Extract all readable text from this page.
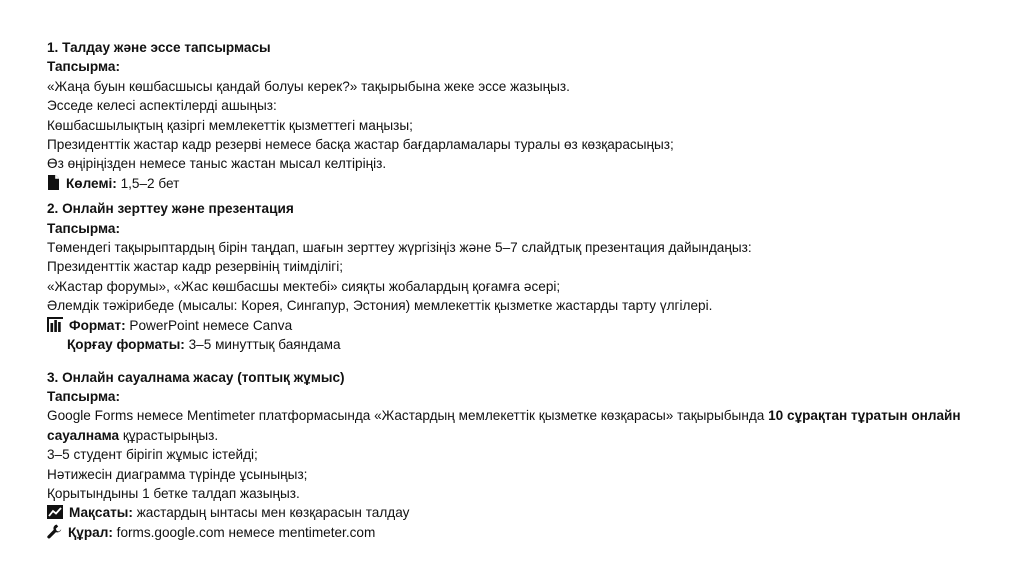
1. Талдау және эссе тапсырмасы

Тапсырма:

«Жаңа буын көшбасшысы қандай болуы керек?» тақырыбына жеке эссе жазыңыз.

Эсседе келесі аспектілерді ашыңыз:

Көшбасшылықтың қазіргі мемлекеттік қызметтегі маңызы;

Президенттік жастар кадр резерві немесе басқа жастар бағдарламалары туралы өз көзқарасыңыз;

Өз өңіріңізден немесе таныс жастан мысал келтіріңіз.

Көлемі: 1,5–2 бет

2. Онлайн зерттеу және презентация

Тапсырма:

Төмендегі тақырыптардың бірін таңдап, шағын зерттеу жүргізіңіз және 5–7 слайдтық презентация дайындаңыз:

Президенттік жастар кадр резервінің тиімділігі;

«Жастар форумы», «Жас көшбасшы мектебі» сияқты жобалардың қоғамға әсері;

Әлемдік тәжірибеде (мысалы: Корея, Сингапур, Эстония) мемлекеттік қызметке жастарды тарту үлгілері.

Формат: PowerPoint немесе Canva

Қорғау форматы: 3–5 минуттық баяндама

3. Онлайн сауалнама жасау (топтық жұмыс)

Тапсырма:

Google Forms немесе Mentimeter платформасында «Жастардың мемлекеттік қызметке көзқарасы» тақырыбында 10 сұрақтан тұратын онлайн сауалнама құрастырыңыз.

3–5 студент бірігіп жұмыс істейді;

Нәтижесін диаграмма түрінде ұсыныңыз;

Қорытындыны 1 бетке талдап жазыңыз.

Мақсаты: жастардың ынтасы мен көзқарасын талдау

Құрал: forms.google.com немесе mentimeter.com
